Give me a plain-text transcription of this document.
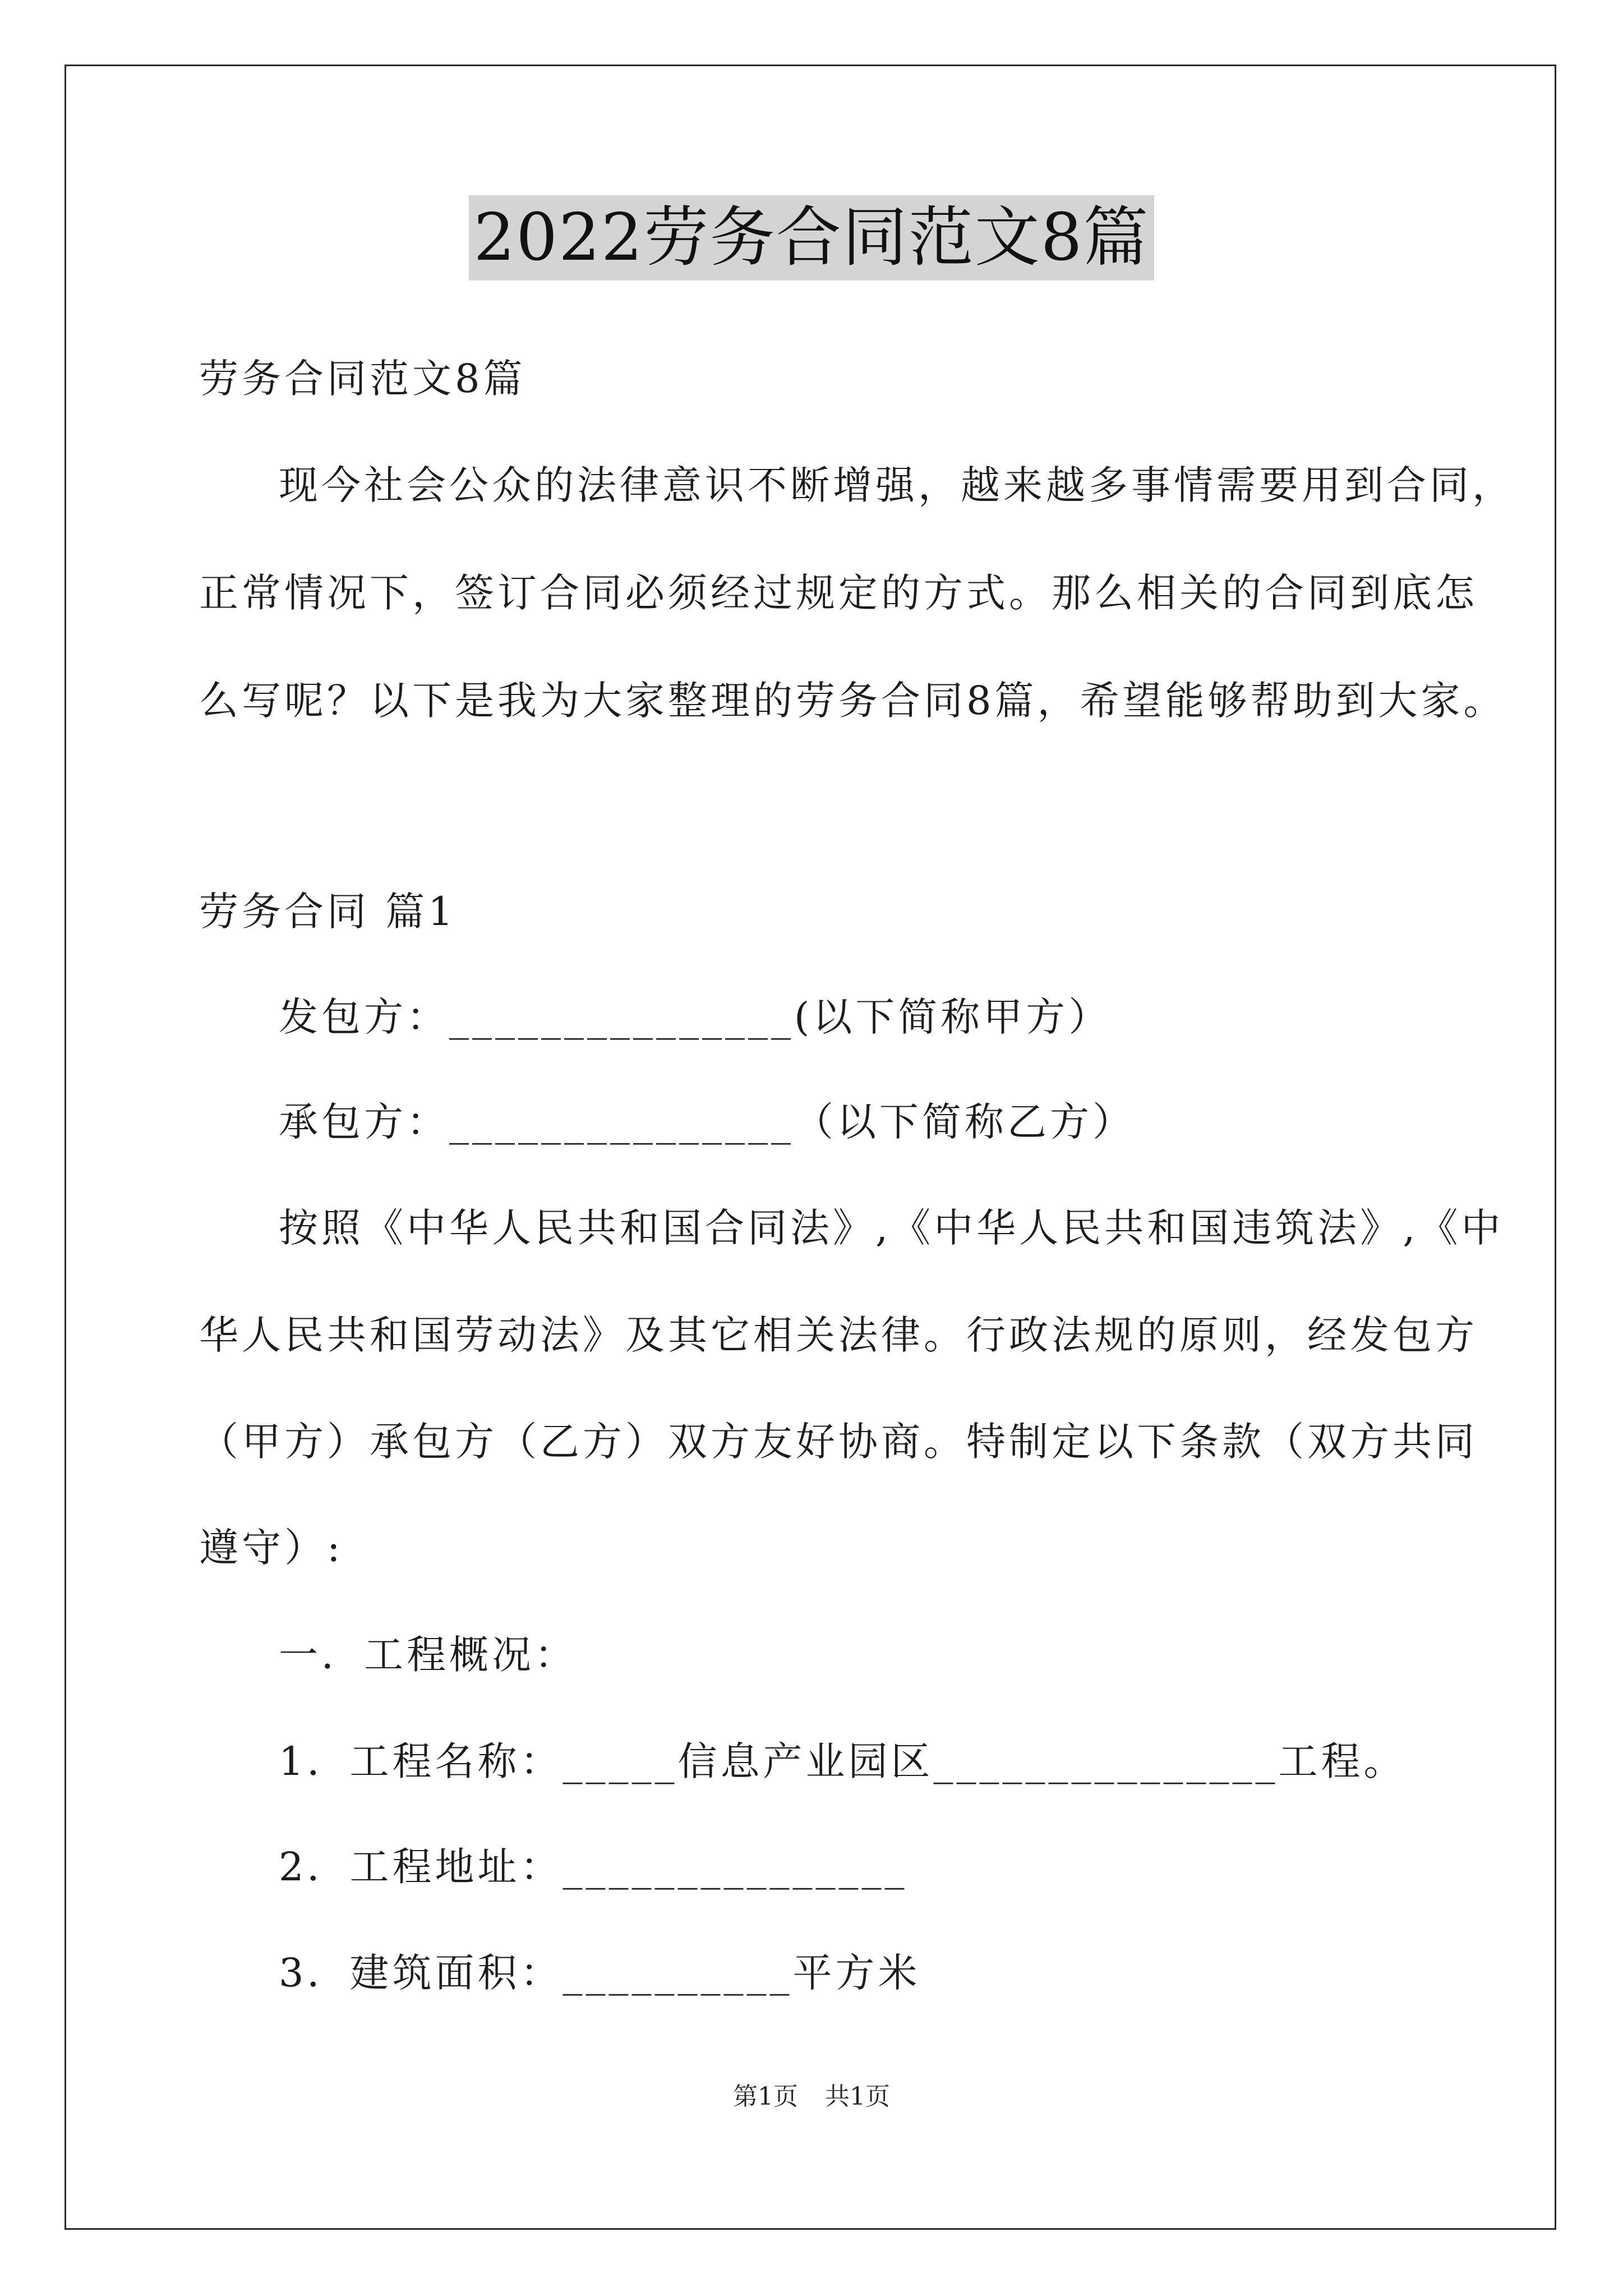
2022劳务合同范文8篇
劳务合同范文8篇
现今社会公众的法律意识不断增强，越来越多事情需要用到合同，
正常情况下，签订合同必须经过规定的方式。那么相关的合同到底怎
么写呢？以下是我为大家整理的劳务合同8篇，希望能够帮助到大家。
劳务合同 篇1
发包方：_______________(以下简称甲方）
承包方：_______________（以下简称乙方）
按照《中华人民共和国合同法》,《中华人民共和国违筑法》,《中
华人民共和国劳动法》及其它相关法律。行政法规的原则，经发包方
（甲方）承包方（乙方）双方友好协商。特制定以下条款（双方共同
遵守）:
一．工程概况：
1．工程名称：_____信息产业园区_______________工程。
2．工程地址：_______________
3．建筑面积：__________平方米
第1页 共1页
